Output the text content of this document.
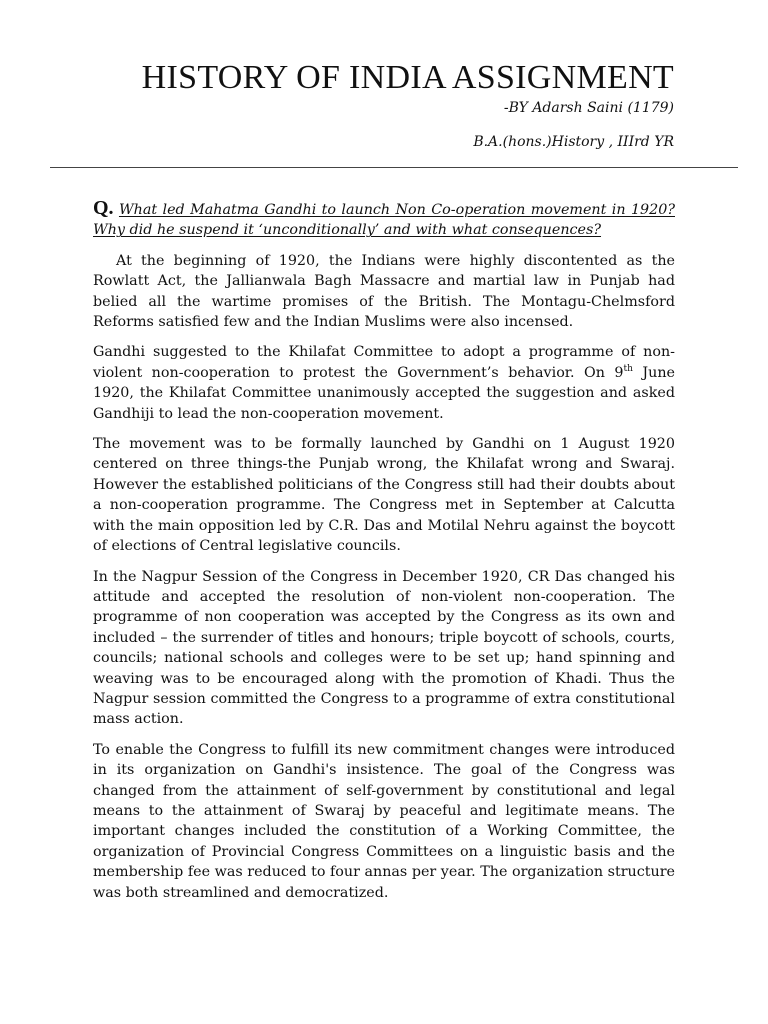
HISTORY OF INDIA ASSIGNMENT
-BY Adarsh Saini (1179)
B.A.(hons.)History , IIIrd YR

Q. What led Mahatma Gandhi to launch Non Co-operation movement in 1920? Why did he suspend it ‘unconditionally’ and with what consequences?

At the beginning of 1920, the Indians were highly discontented as the Rowlatt Act, the Jallianwala Bagh Massacre and martial law in Punjab had belied all the wartime promises of the British. The Montagu-Chelmsford Reforms satisfied few and the Indian Muslims were also incensed.

Gandhi suggested to the Khilafat Committee to adopt a programme of non-violent non-cooperation to protest the Government’s behavior. On 9th June 1920, the Khilafat Committee unanimously accepted the suggestion and asked Gandhiji to lead the non-cooperation movement.

The movement was to be formally launched by Gandhi on 1 August 1920 centered on three things-the Punjab wrong, the Khilafat wrong and Swaraj. However the established politicians of the Congress still had their doubts about a non-cooperation programme. The Congress met in September at Calcutta with the main opposition led by C.R. Das and Motilal Nehru against the boycott of elections of Central legislative councils.

In the Nagpur Session of the Congress in December 1920, CR Das changed his attitude and accepted the resolution of non-violent non-cooperation. The programme of non cooperation was accepted by the Congress as its own and included – the surrender of titles and honours; triple boycott of schools, courts, councils; national schools and colleges were to be set up; hand spinning and weaving was to be encouraged along with the promotion of Khadi. Thus the Nagpur session committed the Congress to a programme of extra constitutional mass action.

To enable the Congress to fulfill its new commitment changes were introduced in its organization on Gandhi's insistence. The goal of the Congress was changed from the attainment of self-government by constitutional and legal means to the attainment of Swaraj by peaceful and legitimate means. The important changes included the constitution of a Working Committee, the organization of Provincial Congress Committees on a linguistic basis and the membership fee was reduced to four annas per year. The organization structure was both streamlined and democratized.
